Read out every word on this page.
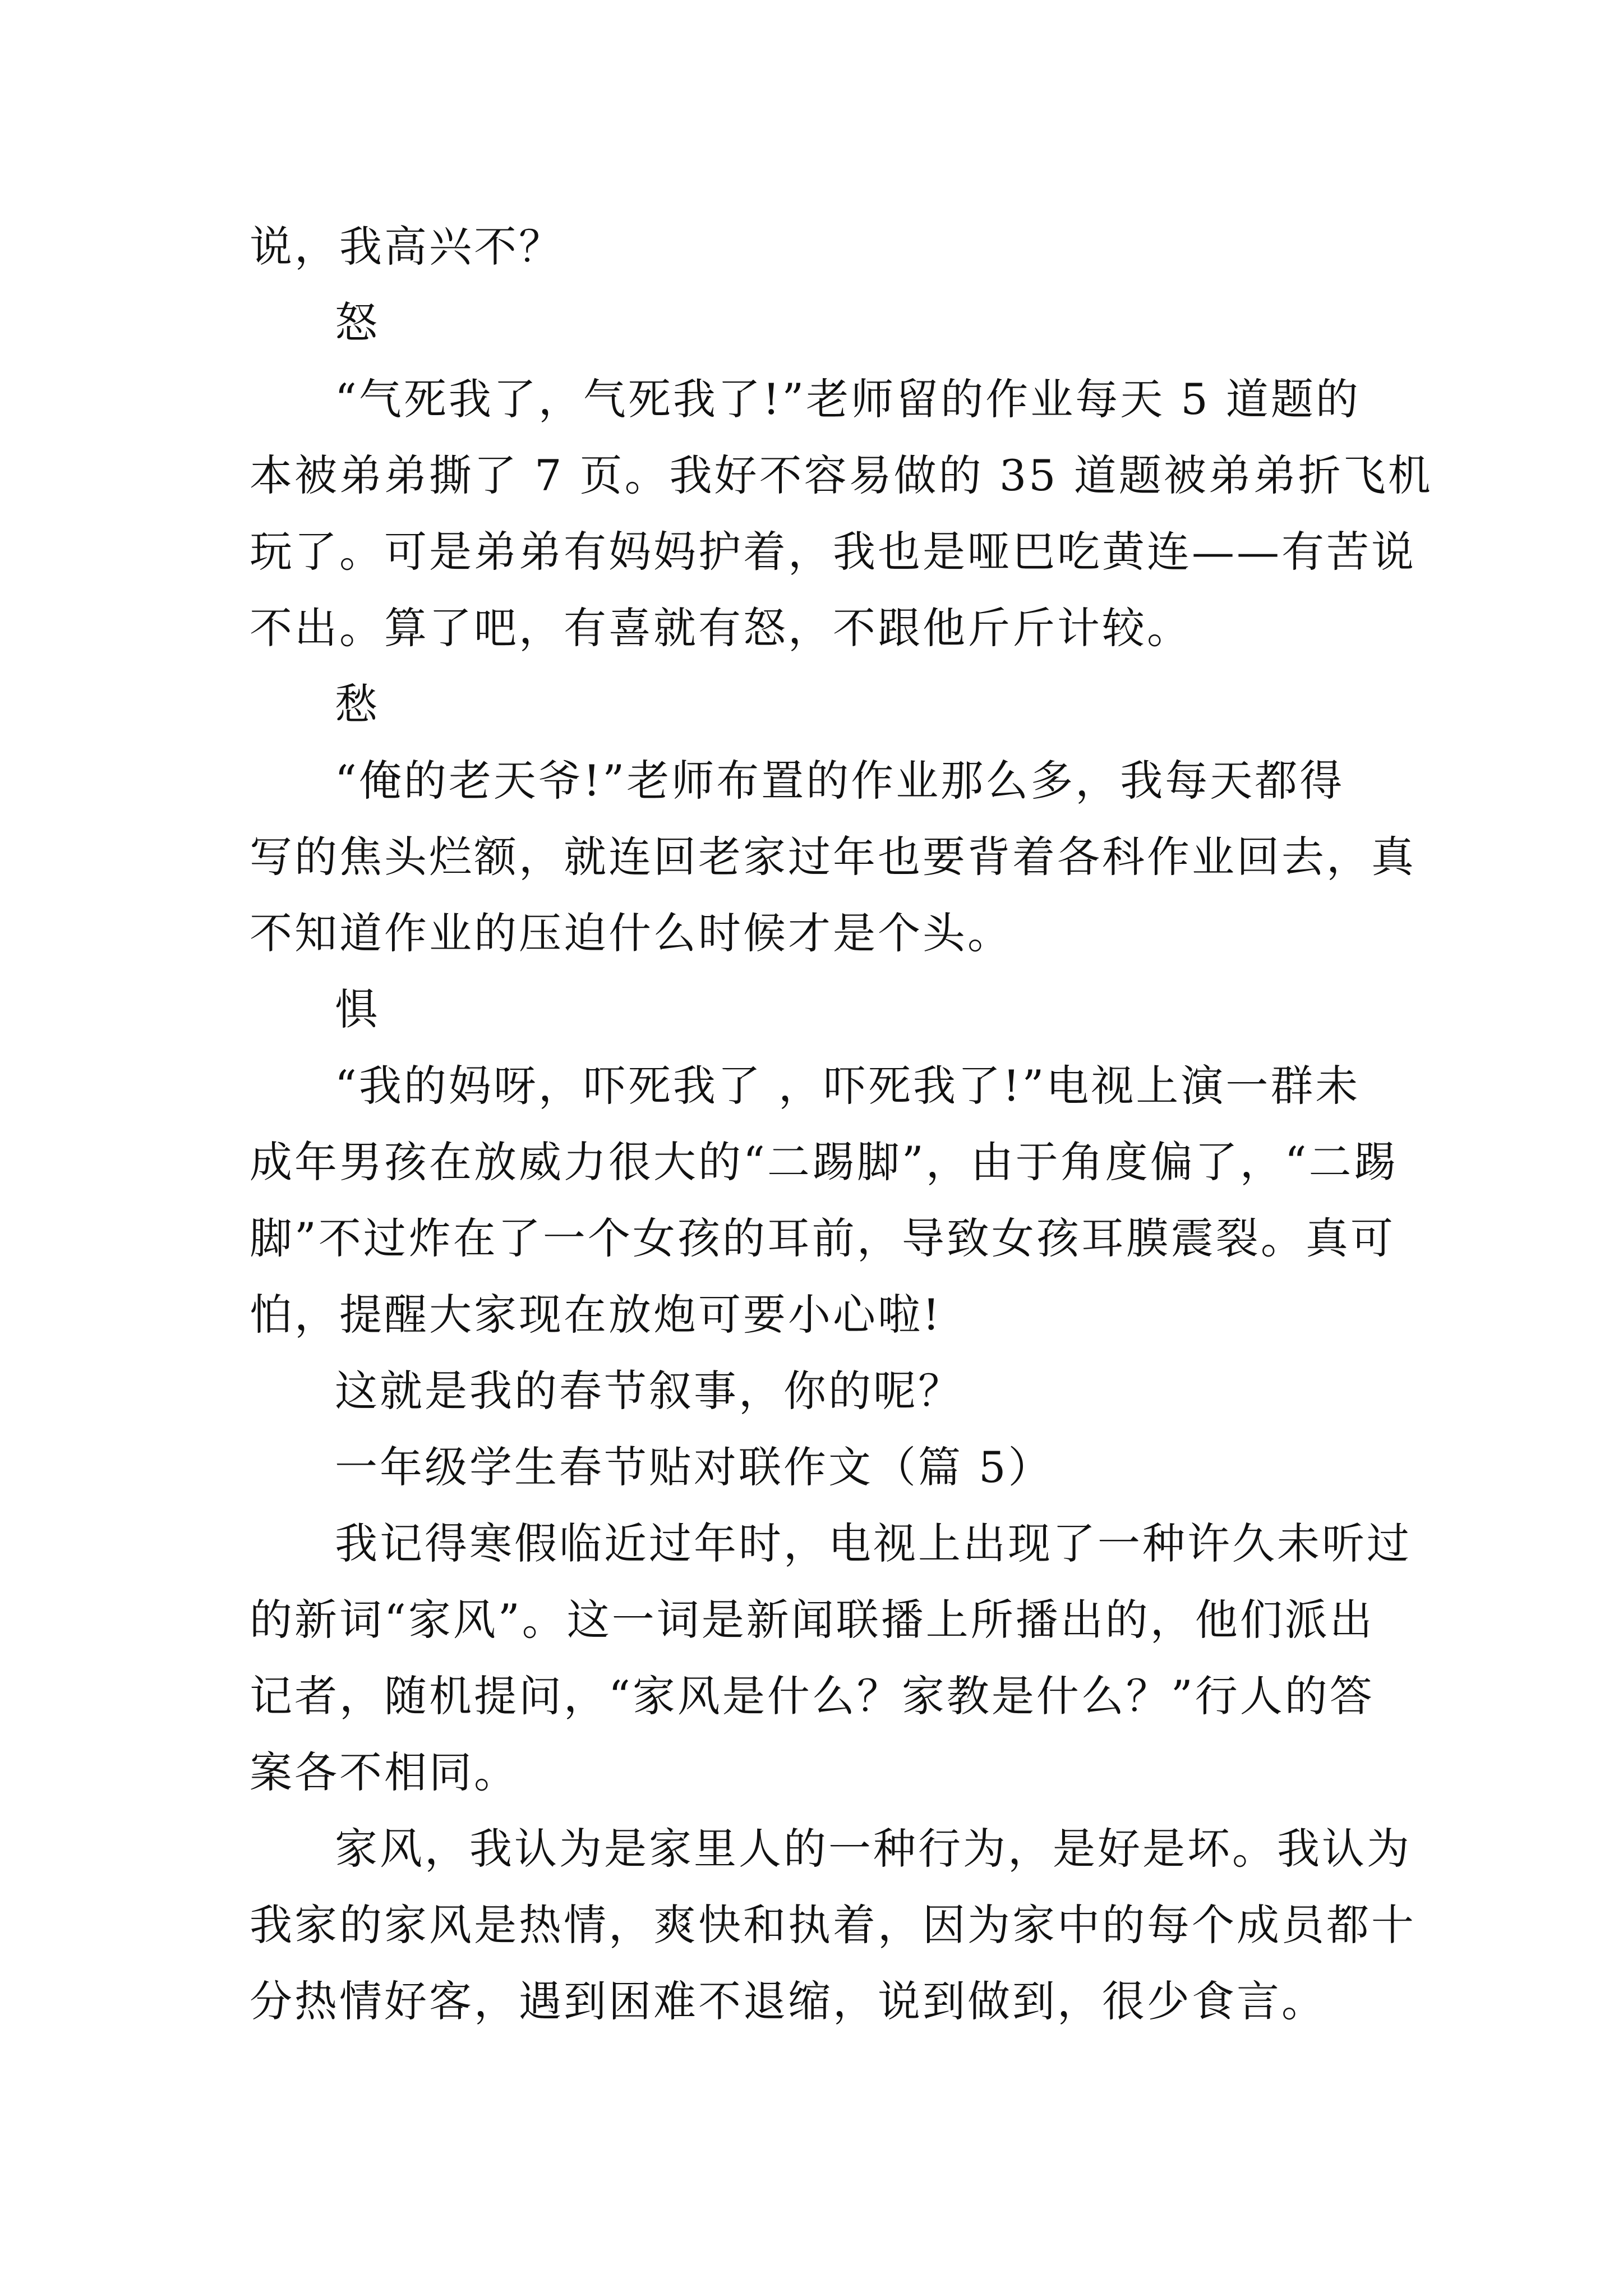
说，我高兴不？
怒
“气死我了，气死我了!”老师留的作业每天 5 道题的
本被弟弟撕了 7 页。我好不容易做的 35 道题被弟弟折飞机
玩了。可是弟弟有妈妈护着，我也是哑巴吃黄连——有苦说
不出。算了吧，有喜就有怒，不跟他斤斤计较。
愁
“俺的老天爷!”老师布置的作业那么多，我每天都得
写的焦头烂额，就连回老家过年也要背着各科作业回去，真
不知道作业的压迫什么时候才是个头。
惧
“我的妈呀，吓死我了 ，吓死我了!”电视上演一群未
成年男孩在放威力很大的“二踢脚”，由于角度偏了，“二踢
脚”不过炸在了一个女孩的耳前，导致女孩耳膜震裂。真可
怕，提醒大家现在放炮可要小心啦!
这就是我的春节叙事，你的呢？
一年级学生春节贴对联作文（篇 5）
我记得寒假临近过年时，电视上出现了一种许久未听过
的新词“家风”。这一词是新闻联播上所播出的，他们派出
记者，随机提问，“家风是什么？家教是什么？”行人的答
案各不相同。
家风，我认为是家里人的一种行为，是好是坏。我认为
我家的家风是热情，爽快和执着，因为家中的每个成员都十
分热情好客，遇到困难不退缩，说到做到，很少食言。
